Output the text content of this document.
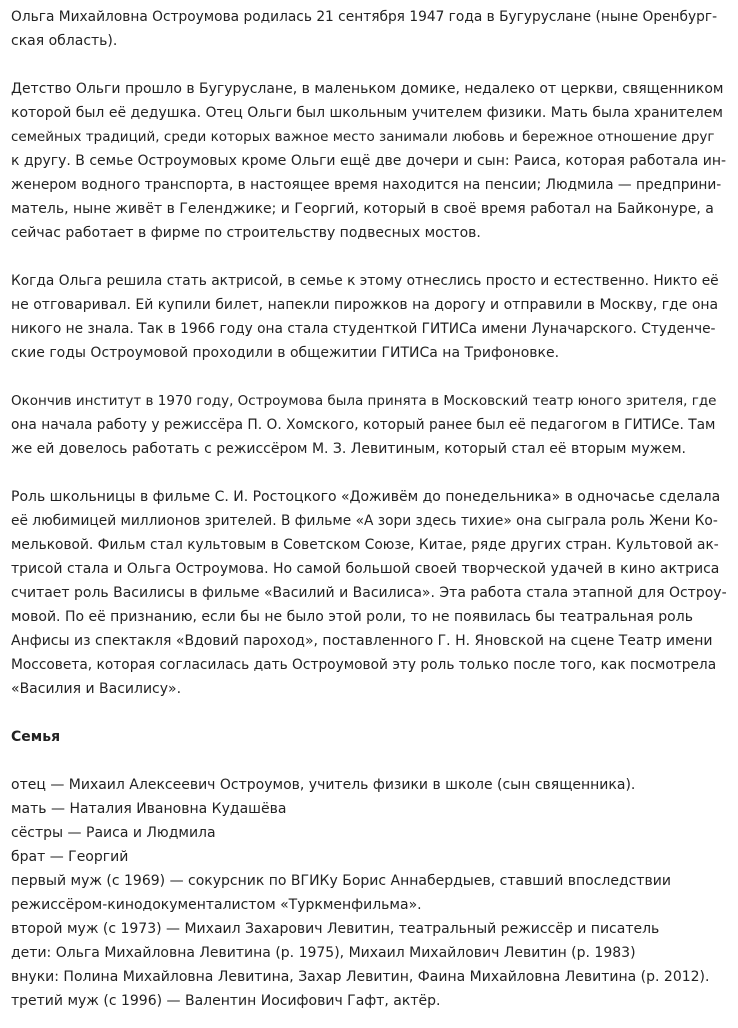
Ольга Михайловна Остроумова родилась 21 сентября 1947 года в Бугуруслане (ныне Оренбург-
ская область).

Детство Ольги прошло в Бугуруслане, в маленьком домике, недалеко от церкви, священником
которой был её дедушка. Отец Ольги был школьным учителем физики. Мать была хранителем
семейных традиций, среди которых важное место занимали любовь и бережное отношение друг
к другу. В семье Остроумовых кроме Ольги ещё две дочери и сын: Раиса, которая работала ин-
женером водного транспорта, в настоящее время находится на пенсии; Людмила — предприни-
матель, ныне живёт в Геленджике; и Георгий, который в своё время работал на Байконуре, а
сейчас работает в фирме по строительству подвесных мостов.

Когда Ольга решила стать актрисой, в семье к этому отнеслись просто и естественно. Никто её
не отговаривал. Ей купили билет, напекли пирожков на дорогу и отправили в Москву, где она
никого не знала. Так в 1966 году она стала студенткой ГИТИСа имени Луначарского. Студенче-
ские годы Остроумовой проходили в общежитии ГИТИСа на Трифоновке.

Окончив институт в 1970 году, Остроумова была принята в Московский театр юного зрителя, где
она начала работу у режиссёра П. О. Хомского, который ранее был её педагогом в ГИТИСе. Там
же ей довелось работать с режиссёром М. З. Левитиным, который стал её вторым мужем.

Роль школьницы в фильме С. И. Ростоцкого «Доживём до понедельника» в одночасье сделала
её любимицей миллионов зрителей. В фильме «А зори здесь тихие» она сыграла роль Жени Ко-
мельковой. Фильм стал культовым в Советском Союзе, Китае, ряде других стран. Культовой ак-
трисой стала и Ольга Остроумова. Но самой большой своей творческой удачей в кино актриса
считает роль Василисы в фильме «Василий и Василиса». Эта работа стала этапной для Остроу-
мовой. По её признанию, если бы не было этой роли, то не появилась бы театральная роль
Анфисы из спектакля «Вдовий пароход», поставленного Г. Н. Яновской на сцене Театр имени
Моссовета, которая согласилась дать Остроумовой эту роль только после того, как посмотрела
«Василия и Василису».

Семья
отец — Михаил Алексеевич Остроумов, учитель физики в школе (сын священника).
мать — Наталия Ивановна Кудашёва
сёстры — Раиса и Людмила
брат — Георгий
первый муж (с 1969) — сокурсник по ВГИКу Борис Аннабердыев, ставший впоследствии
режиссёром-кинодокументалистом «Туркменфильма».
второй муж (с 1973) — Михаил Захарович Левитин, театральный режиссёр и писатель
дети: Ольга Михайловна Левитина (р. 1975), Михаил Михайлович Левитин (р. 1983)
внуки: Полина Михайловна Левитина, Захар Левитин, Фаина Михайловна Левитина (р. 2012).
третий муж (с 1996) — Валентин Иосифович Гафт, актёр.
